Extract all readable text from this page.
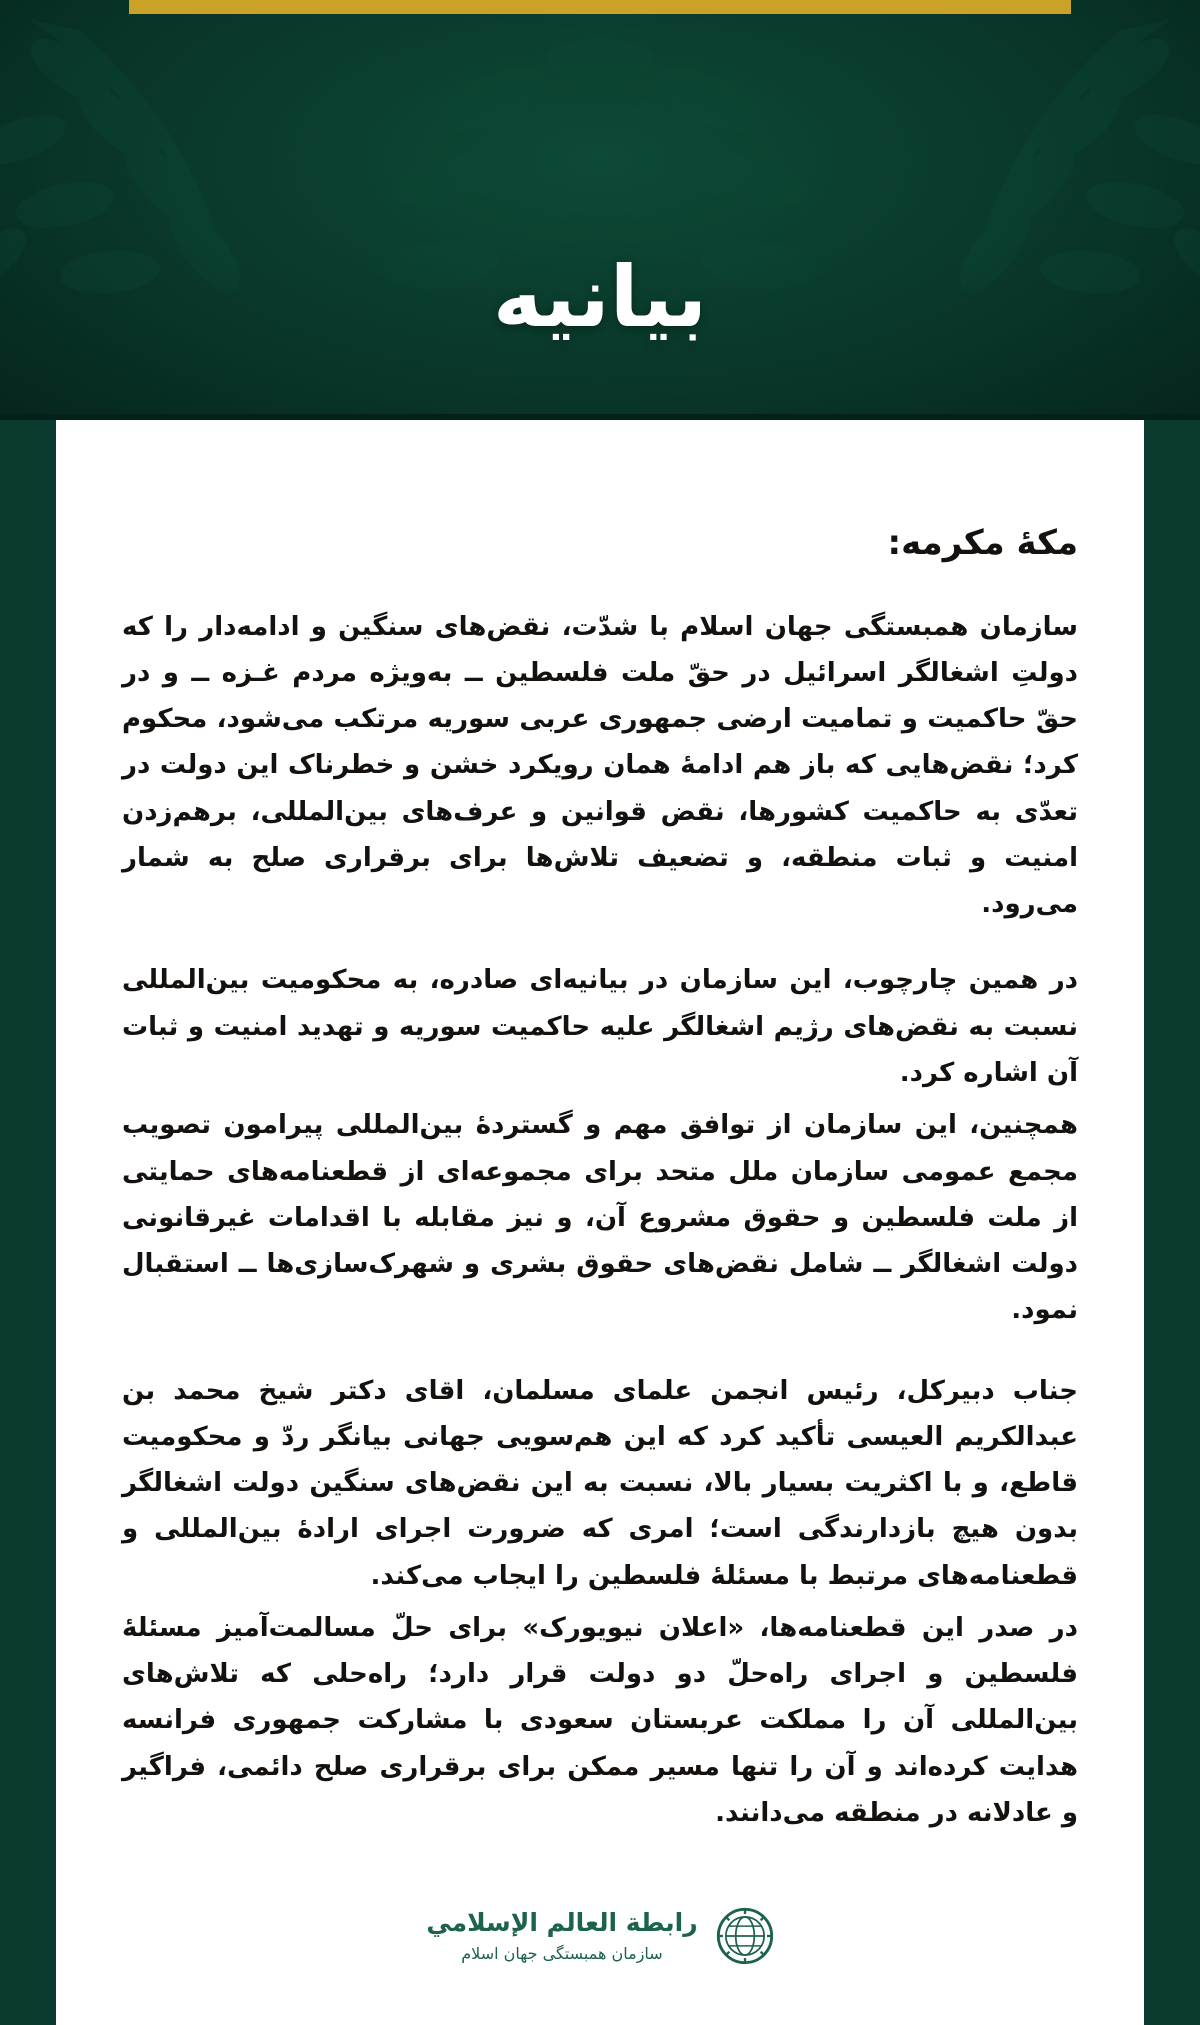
بیانیه
مکهٔ مکرمه:

سازمان همبستگی جهان اسلام با شدّت، نقض‌های سنگین و ادامه‌دار را که دولتِ اشغالگر اسرائیل در حقّ ملت فلسطین ــ به‌ویژه مردم غـزه ــ و در حقّ حاکمیت و تمامیت ارضی جمهوری عربی سوریه مرتکب می‌شود، محکوم کرد؛ نقض‌هایی که باز هم ادامهٔ همان رویکرد خشن و خطرناک این دولت در تعدّی به حاکمیت کشورها، نقض قوانین و عرف‌های بین‌المللی، برهم‌زدن امنیت و ثبات منطقه، و تضعیف تلاش‌ها برای برقراری صلح به شمار می‌رود.

در همین چارچوب، این سازمان در بیانیه‌ای صادره، به محکومیت بین‌المللی نسبت به نقض‌های رژیم اشغالگر علیه حاکمیت سوریه و تهدید امنیت و ثبات آن اشاره کرد.

همچنین، این سازمان از توافق مهم و گستردهٔ بین‌المللی پیرامون تصویب مجمع عمومی سازمان ملل متحد برای مجموعه‌ای از قطعنامه‌های حمایتی از ملت فلسطین و حقوق مشروع آن، و نیز مقابله با اقدامات غیرقانونی دولت اشغالگر ــ شامل نقض‌های حقوق بشری و شهرک‌سازی‌ها ــ استقبال نمود.

جناب دبیرکل، رئیس انجمن علمای مسلمان، اقای دکتر شیخ محمد بن عبدالکریم العیسی تأکید کرد که این هم‌سویی جهانی بیانگر ردّ و محکومیت قاطع، و با اکثریت بسیار بالا، نسبت به این نقض‌های سنگین دولت اشغالگر بدون هیچ بازدارندگی است؛ امری که ضرورت اجرای ارادهٔ بین‌المللی و قطعنامه‌های مرتبط با مسئلهٔ فلسطین را ایجاب می‌کند.

در صدر این قطعنامه‌ها، «اعلان نیویورک» برای حلّ مسالمت‌آمیز مسئلهٔ فلسطین و اجرای راه‌حلّ دو دولت قرار دارد؛ راه‌حلی که تلاش‌های بین‌المللی آن را مملکت عربستان سعودی با مشارکت جمهوری فرانسه هدایت کرده‌اند و آن را تنها مسیر ممکن برای برقراری صلح دائمی، فراگیر و عادلانه در منطقه می‌دانند.

رابطة العالم الإسلامي
سازمان همبستگی جهان اسلام
